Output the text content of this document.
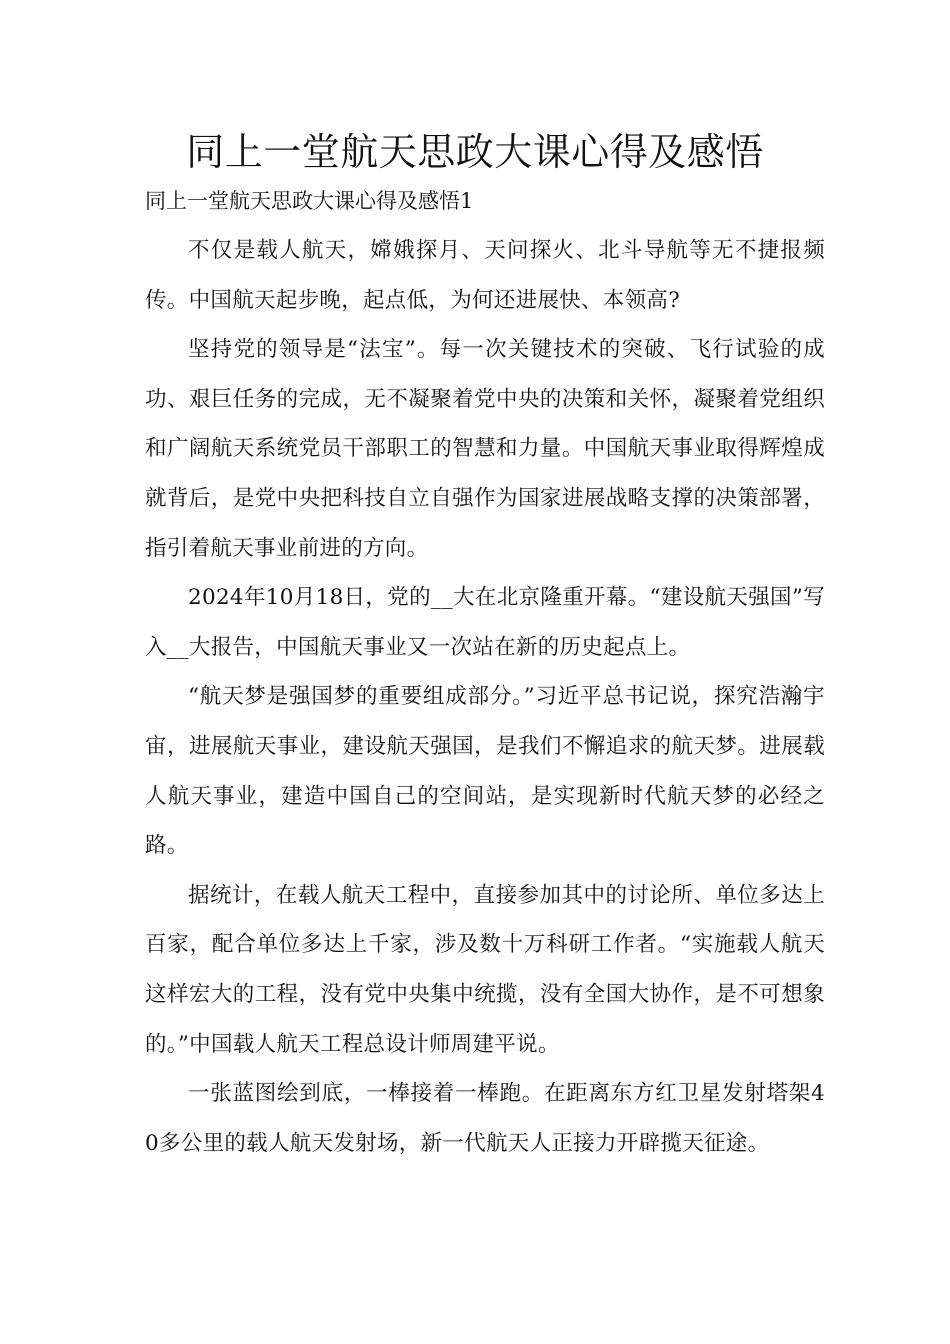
同上一堂航天思政大课心得及感悟

同上一堂航天思政大课心得及感悟1

不仅是载人航天，嫦娥探月、天问探火、北斗导航等无不捷报频传。中国航天起步晚，起点低，为何还进展快、本领高?

坚持党的领导是“法宝”。每一次关键技术的突破、飞行试验的成功、艰巨任务的完成，无不凝聚着党中央的决策和关怀，凝聚着党组织和广阔航天系统党员干部职工的智慧和力量。中国航天事业取得辉煌成就背后，是党中央把科技自立自强作为国家进展战略支撑的决策部署，指引着航天事业前进的方向。

2024年10月18日，党的__大在北京隆重开幕。“建设航天强国”写入__大报告，中国航天事业又一次站在新的历史起点上。

“航天梦是强国梦的重要组成部分。”习近平总书记说，探究浩瀚宇宙，进展航天事业，建设航天强国，是我们不懈追求的航天梦。进展载人航天事业，建造中国自己的空间站，是实现新时代航天梦的必经之路。

据统计，在载人航天工程中，直接参加其中的讨论所、单位多达上百家，配合单位多达上千家，涉及数十万科研工作者。“实施载人航天这样宏大的工程，没有党中央集中统揽，没有全国大协作，是不可想象的。”中国载人航天工程总设计师周建平说。

一张蓝图绘到底，一棒接着一棒跑。在距离东方红卫星发射塔架40多公里的载人航天发射场，新一代航天人正接力开辟揽天征途。
